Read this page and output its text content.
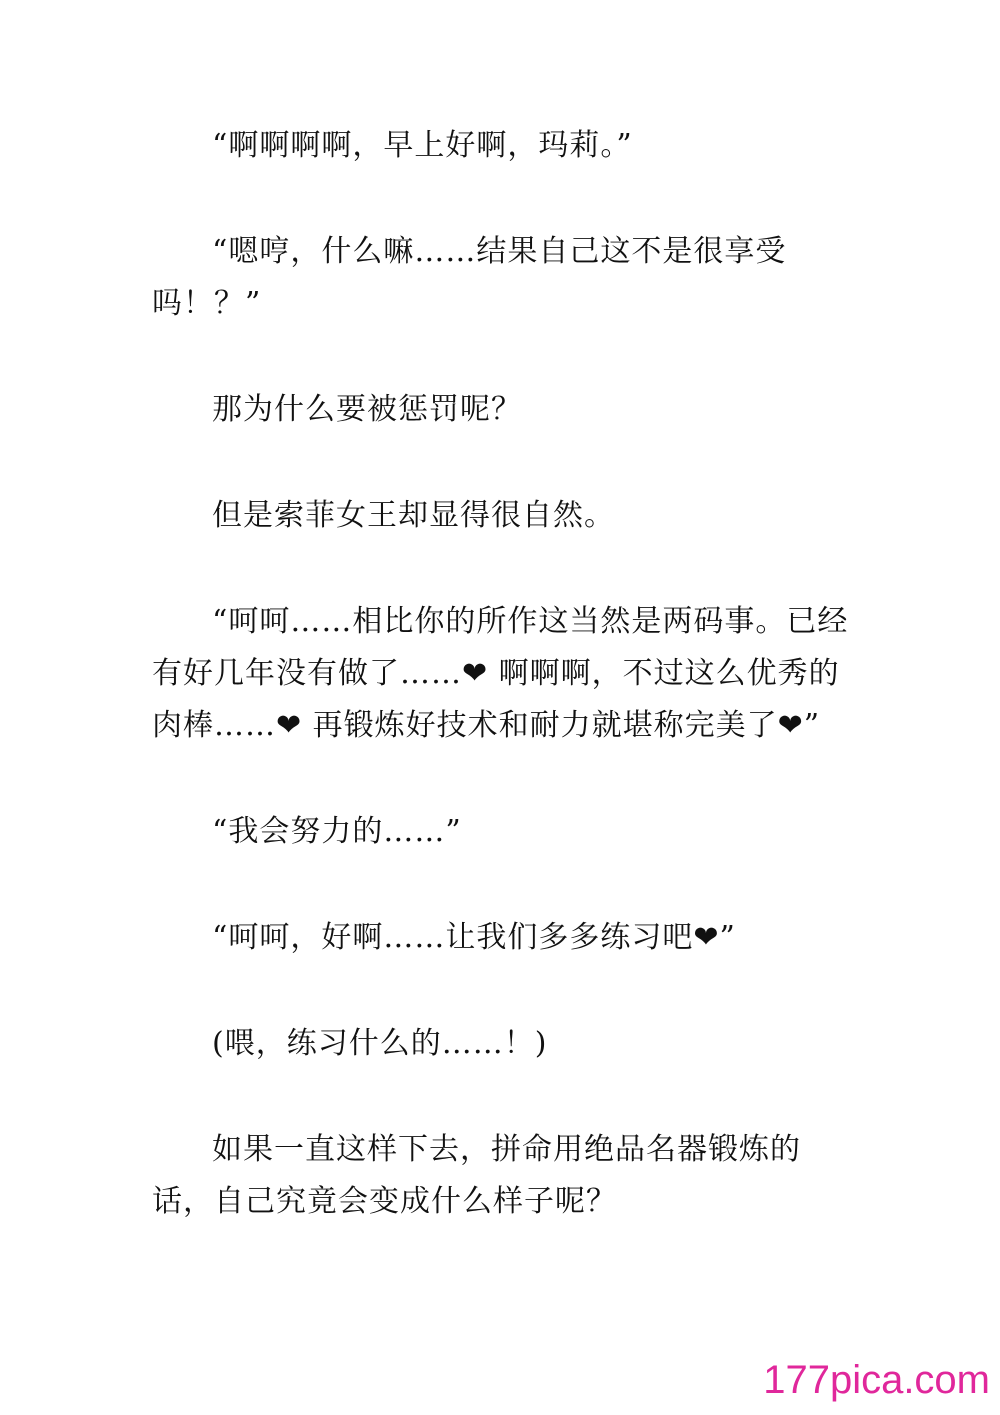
“啊啊啊啊，早上好啊，玛莉。”

“嗯哼，什么嘛……结果自己这不是很享受吗！？”

那为什么要被惩罚呢？

但是索菲女王却显得很自然。

“呵呵……相比你的所作这当然是两码事。已经有好几年没有做了……❤ 啊啊啊，不过这么优秀的肉棒……❤ 再锻炼好技术和耐力就堪称完美了❤”

“我会努力的……”

“呵呵，好啊……让我们多多练习吧❤”

(喂，练习什么的……！)

如果一直这样下去，拼命用绝品名器锻炼的话，自己究竟会变成什么样子呢？

177pica.com
